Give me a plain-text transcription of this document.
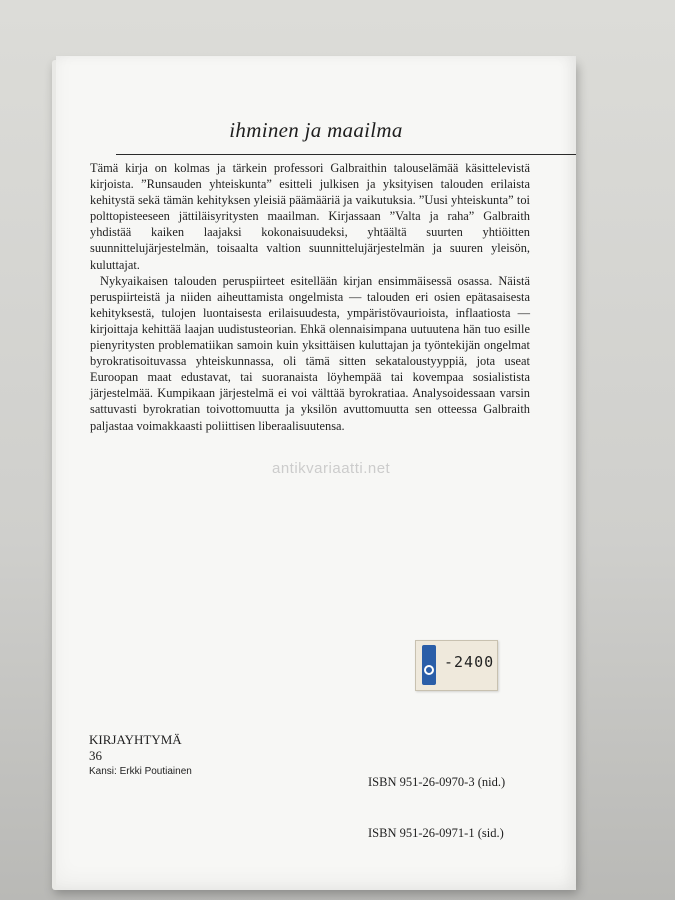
ihminen ja maailma

Tämä kirja on kolmas ja tärkein professori Galbraithin talouselämää käsittelevistä kirjoista. ”Runsauden yhteiskunta” esitteli julkisen ja yksityisen talouden erilaista kehitystä sekä tämän kehityksen yleisiä päämääriä ja vaikutuksia. ”Uusi yhteiskunta” toi polttopisteeseen jättiläisyritysten maailman. Kirjassaan ”Valta ja raha” Galbraith yhdistää kaiken laajaksi kokonaisuudeksi, yhtäältä suurten yhtiöitten suunnittelujärjestelmän, toisaalta valtion suunnittelujärjestelmän ja suuren yleisön, kuluttajat.

Nykyaikaisen talouden peruspiirteet esitellään kirjan ensimmäisessä osassa. Näistä peruspiirteistä ja niiden aiheuttamista ongelmista — talouden eri osien epätasaisesta kehityksestä, tulojen luontaisesta erilaisuudesta, ympäristövaurioista, inflaatiosta — kirjoittaja kehittää laajan uudistusteorian. Ehkä olennaisimpana uutuutena hän tuo esille pienyritysten problematiikan samoin kuin yksittäisen kuluttajan ja työntekijän ongelmat byrokratisoituvassa yhteiskunnassa, oli tämä sitten sekataloustyyppiä, jota useat Euroopan maat edustavat, tai suoranaista löyhempää tai kovempaa sosialistista järjestelmää. Kumpikaan järjestelmä ei voi välttää byrokratiaa. Analysoidessaan varsin sattuvasti byrokratian toivottomuutta ja yksilön avuttomuutta sen otteessa Galbraith paljastaa voimakkaasti poliittisen liberaalisuutensa.

antikvariaatti.net
-2400
KIRJAYHTYMÄ
36
Kansi: Erkki Poutiainen

ISBN 951-26-0970-3 (nid.)

ISBN 951-26-0971-1 (sid.)
